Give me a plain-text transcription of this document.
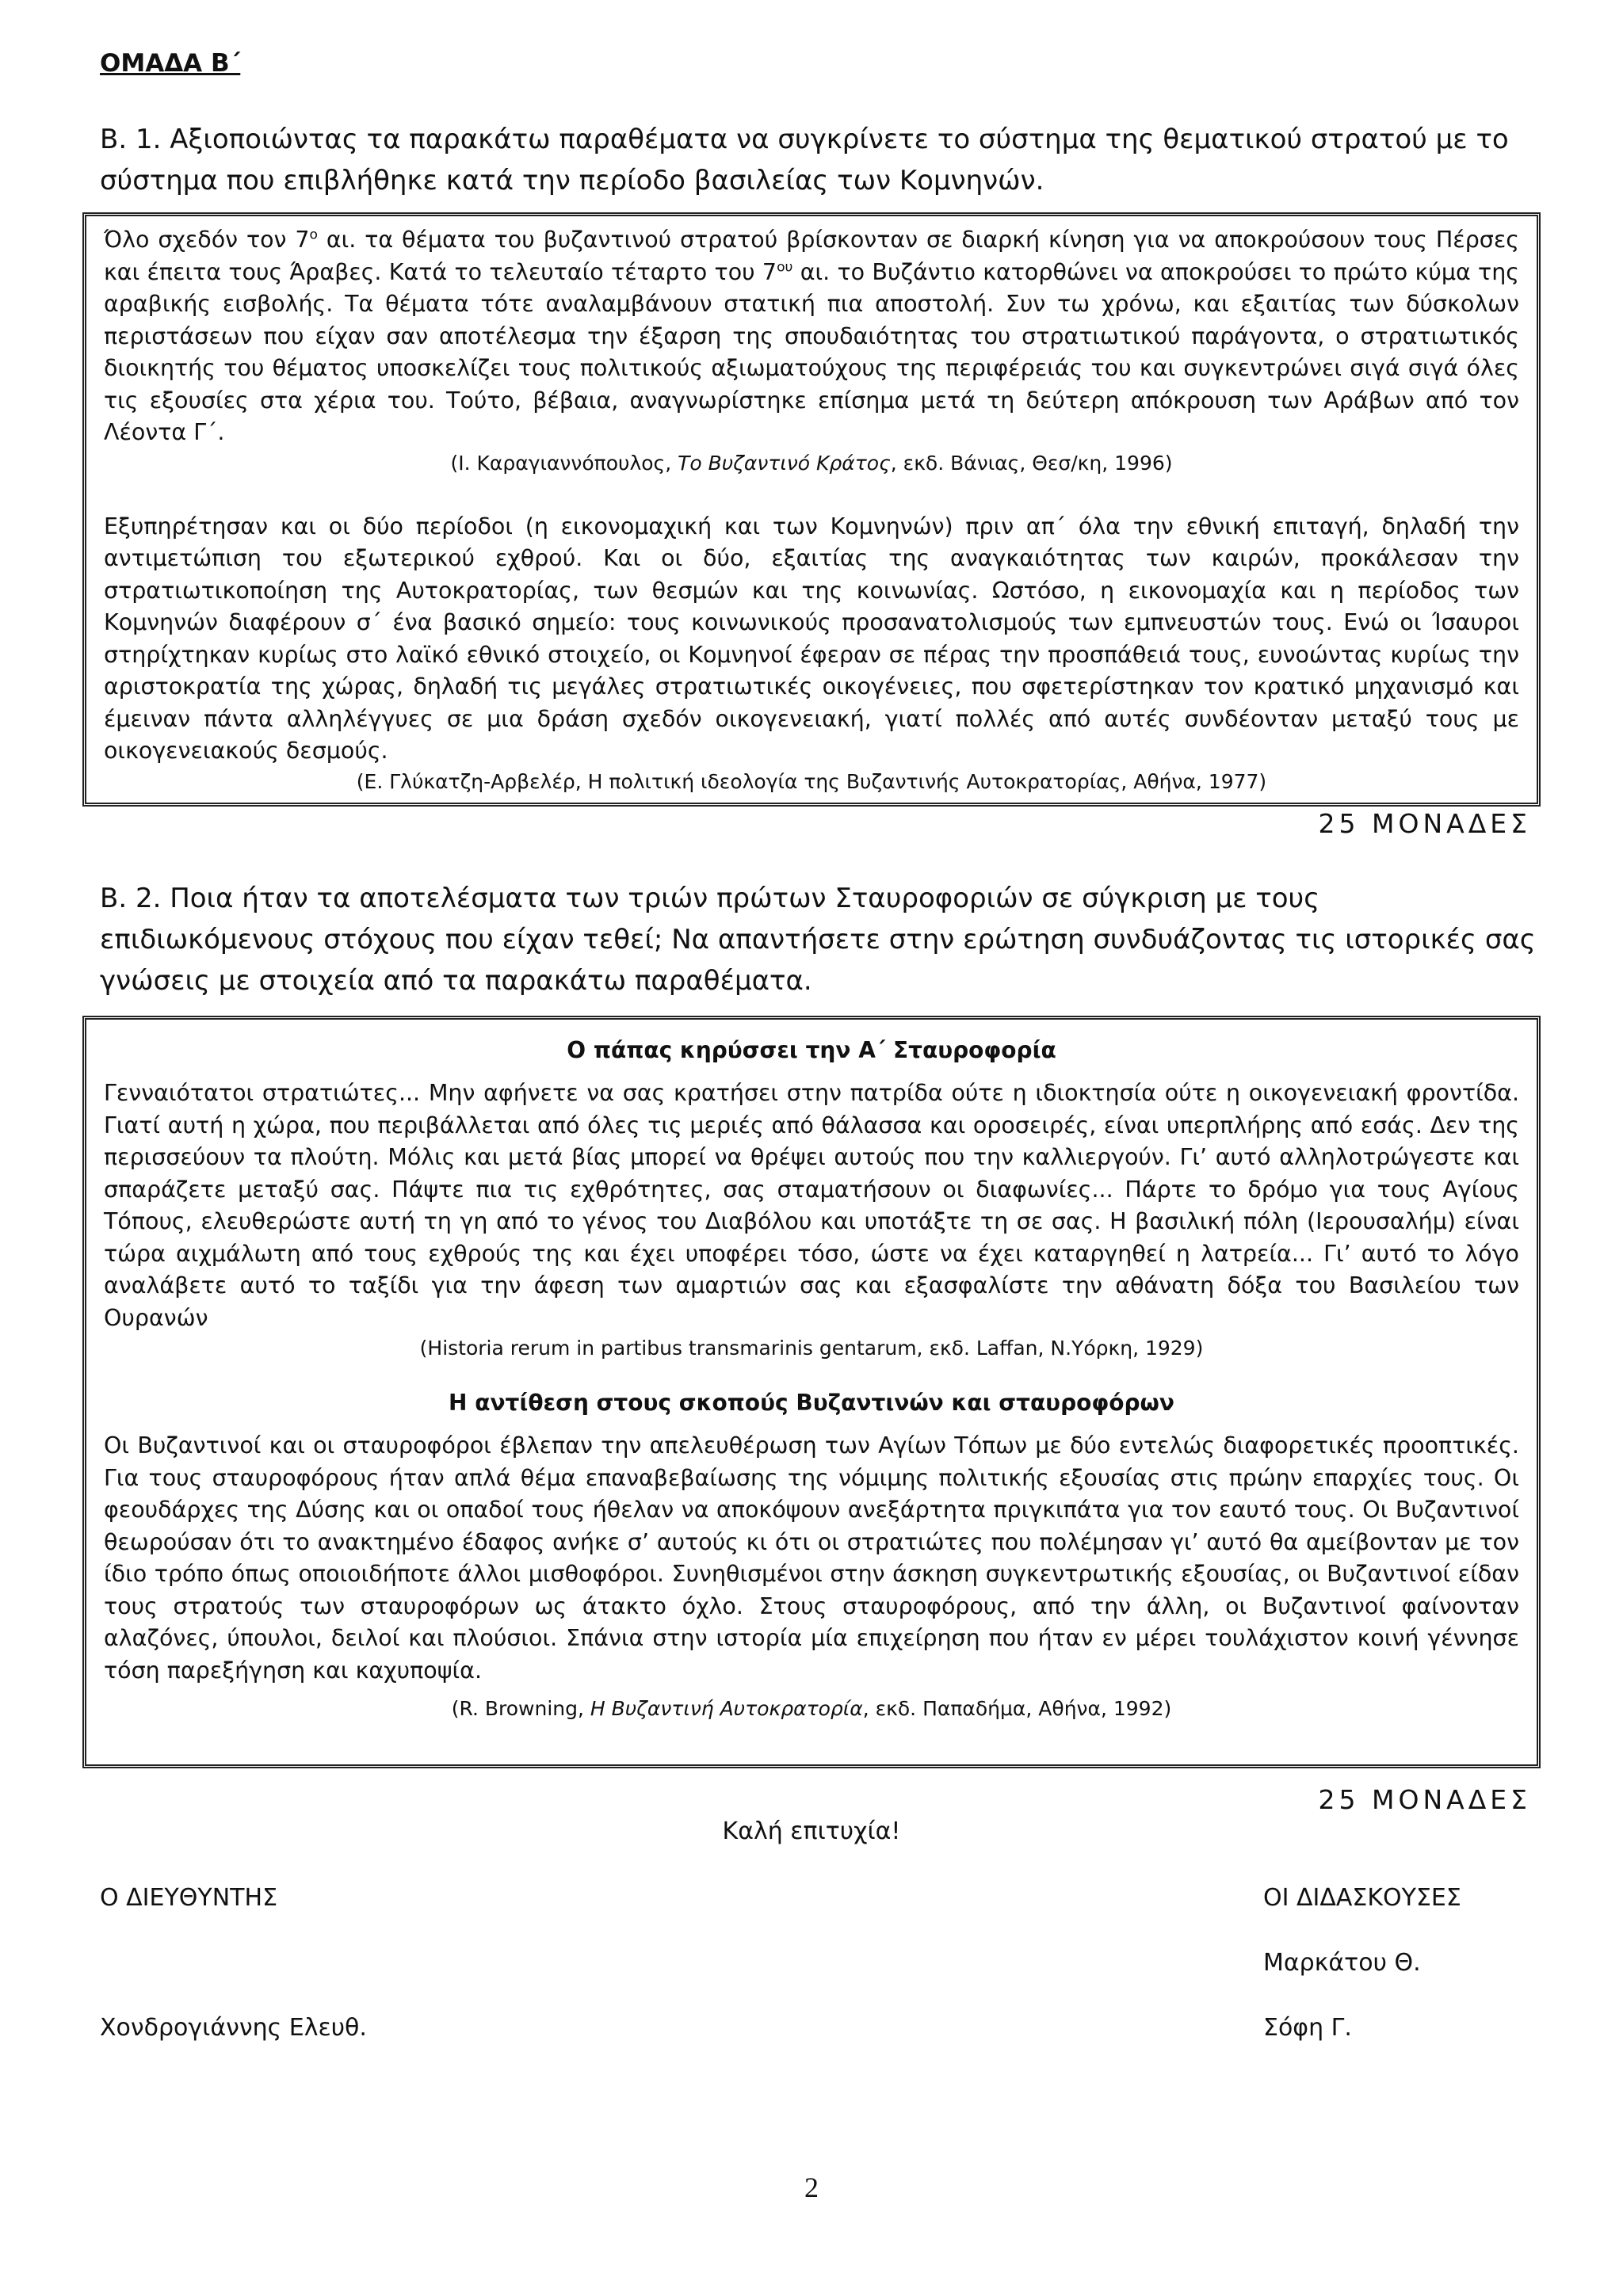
ΟΜΑΔΑ Β΄
Β. 1. Αξιοποιώντας τα παρακάτω παραθέματα να συγκρίνετε το σύστημα της θεματικού στρατού με το σύστημα που επιβλήθηκε κατά την περίοδο βασιλείας των Κομνηνών.

Όλο σχεδόν τον $7^o$ αι. τα θέματα του βυζαντινού στρατού βρίσκονταν σε διαρκή κίνηση για να αποκρούσουν τους Πέρσες και έπειτα τους Άραβες. Κατά το τελευταίο τέταρτο του $7^{o\upsilon}$ αι. το Βυζάντιο κατορθώνει να αποκρούσει το πρώτο κύμα της αραβικής εισβολής. Τα θέματα τότε αναλαμβάνουν στατική πια αποστολή. Συν τω χρόνω, και εξαιτίας των δύσκολων περιστάσεων που είχαν σαν αποτέλεσμα την έξαρση της σπουδαιότητας του στρατιωτικού παράγοντα, ο στρατιωτικός διοικητής του θέματος υποσκελίζει τους πολιτικούς αξιωματούχους της περιφέρειάς του και συγκεντρώνει σιγά σιγά όλες τις εξουσίες στα χέρια του. Τούτο, βέβαια, αναγνωρίστηκε επίσημα μετά τη δεύτερη απόκρουση των Αράβων από τον Λέοντα Γ΄.

(Ι. Καραγιαννόπουλος, Το Βυζαντινό Κράτος, εκδ. Βάνιας, Θεσ/κη, 1996)

Εξυπηρέτησαν και οι δύο περίοδοι (η εικονομαχική και των Κομνηνών) πριν απ΄ όλα την εθνική επιταγή, δηλαδή την αντιμετώπιση του εξωτερικού εχθρού. Και οι δύο, εξαιτίας της αναγκαιότητας των καιρών, προκάλεσαν την στρατιωτικοποίηση της Αυτοκρατορίας, των θεσμών και της κοινωνίας. Ωστόσο, η εικονομαχία και η περίοδος των Κομνηνών διαφέρουν σ΄ ένα βασικό σημείο: τους κοινωνικούς προσανατολισμούς των εμπνευστών τους. Ενώ οι Ίσαυροι στηρίχτηκαν κυρίως στο λαϊκό εθνικό στοιχείο, οι Κομνηνοί έφεραν σε πέρας την προσπάθειά τους, ευνοώντας κυρίως την αριστοκρατία της χώρας, δηλαδή τις μεγάλες στρατιωτικές οικογένειες, που σφετερίστηκαν τον κρατικό μηχανισμό και έμειναν πάντα αλληλέγγυες σε μια δράση σχεδόν οικογενειακή, γιατί πολλές από αυτές συνδέονταν μεταξύ τους με οικογενειακούς δεσμούς.

(Ε. Γλύκατζη-Αρβελέρ, Η πολιτική ιδεολογία της Βυζαντινής Αυτοκρατορίας, Αθήνα, 1977)

25 ΜΟΝΑΔΕΣ
Β. 2. Ποια ήταν τα αποτελέσματα των τριών πρώτων Σταυροφοριών σε σύγκριση με τους επιδιωκόμενους στόχους που είχαν τεθεί; Να απαντήσετε στην ερώτηση συνδυάζοντας τις ιστορικές σας γνώσεις με στοιχεία από τα παρακάτω παραθέματα.
Ο πάπας κηρύσσει την Α΄ Σταυροφορία

Γενναιότατοι στρατιώτες... Μην αφήνετε να σας κρατήσει στην πατρίδα ούτε η ιδιοκτησία ούτε η οικογενειακή φροντίδα. Γιατί αυτή η χώρα, που περιβάλλεται από όλες τις μεριές από θάλασσα και οροσειρές, είναι υπερπλήρης από εσάς. Δεν της περισσεύουν τα πλούτη. Μόλις και μετά βίας μπορεί να θρέψει αυτούς που την καλλιεργούν. Γι’ αυτό αλληλοτρώγεστε και σπαράζετε μεταξύ σας. Πάψτε πια τις εχθρότητες, σας σταματήσουν οι διαφωνίες... Πάρτε το δρόμο για τους Αγίους Τόπους, ελευθερώστε αυτή τη γη από το γένος του Διαβόλου και υποτάξτε τη σε σας. Η βασιλική πόλη (Ιερουσαλήμ) είναι τώρα αιχμάλωτη από τους εχθρούς της και έχει υποφέρει τόσο, ώστε να έχει καταργηθεί η λατρεία... Γι’ αυτό το λόγο αναλάβετε αυτό το ταξίδι για την άφεση των αμαρτιών σας και εξασφαλίστε την αθάνατη δόξα του Βασιλείου των Ουρανών

(Historia rerum in partibus transmarinis gentarum, εκδ. Laffan, Ν.Υόρκη, 1929)

Η αντίθεση στους σκοπούς Βυζαντινών και σταυροφόρων

Οι Βυζαντινοί και οι σταυροφόροι έβλεπαν την απελευθέρωση των Αγίων Τόπων με δύο εντελώς διαφορετικές προοπτικές. Για τους σταυροφόρους ήταν απλά θέμα επαναβεβαίωσης της νόμιμης πολιτικής εξουσίας στις πρώην επαρχίες τους. Οι φεουδάρχες της Δύσης και οι οπαδοί τους ήθελαν να αποκόψουν ανεξάρτητα πριγκιπάτα για τον εαυτό τους. Οι Βυζαντινοί θεωρούσαν ότι το ανακτημένο έδαφος ανήκε σ’ αυτούς κι ότι οι στρατιώτες που πολέμησαν γι’ αυτό θα αμείβονταν με τον ίδιο τρόπο όπως οποιοιδήποτε άλλοι μισθοφόροι. Συνηθισμένοι στην άσκηση συγκεντρωτικής εξουσίας, οι Βυζαντινοί είδαν τους στρατούς των σταυροφόρων ως άτακτο όχλο. Στους σταυροφόρους, από την άλλη, οι Βυζαντινοί φαίνονταν αλαζόνες, ύπουλοι, δειλοί και πλούσιοι. Σπάνια στην ιστορία μία επιχείρηση που ήταν εν μέρει τουλάχιστον κοινή γέννησε τόση παρεξήγηση και καχυποψία.

(R. Browning, Η Βυζαντινή Αυτοκρατορία, εκδ. Παπαδήμα, Αθήνα, 1992)

25 ΜΟΝΑΔΕΣ
Καλή επιτυχία!
Ο ΔΙΕΥΘΥΝΤΗΣ
Χονδρογιάννης Ελευθ.
ΟΙ ΔΙΔΑΣΚΟΥΣΕΣ
Μαρκάτου Θ.
Σόφη Γ.
2
